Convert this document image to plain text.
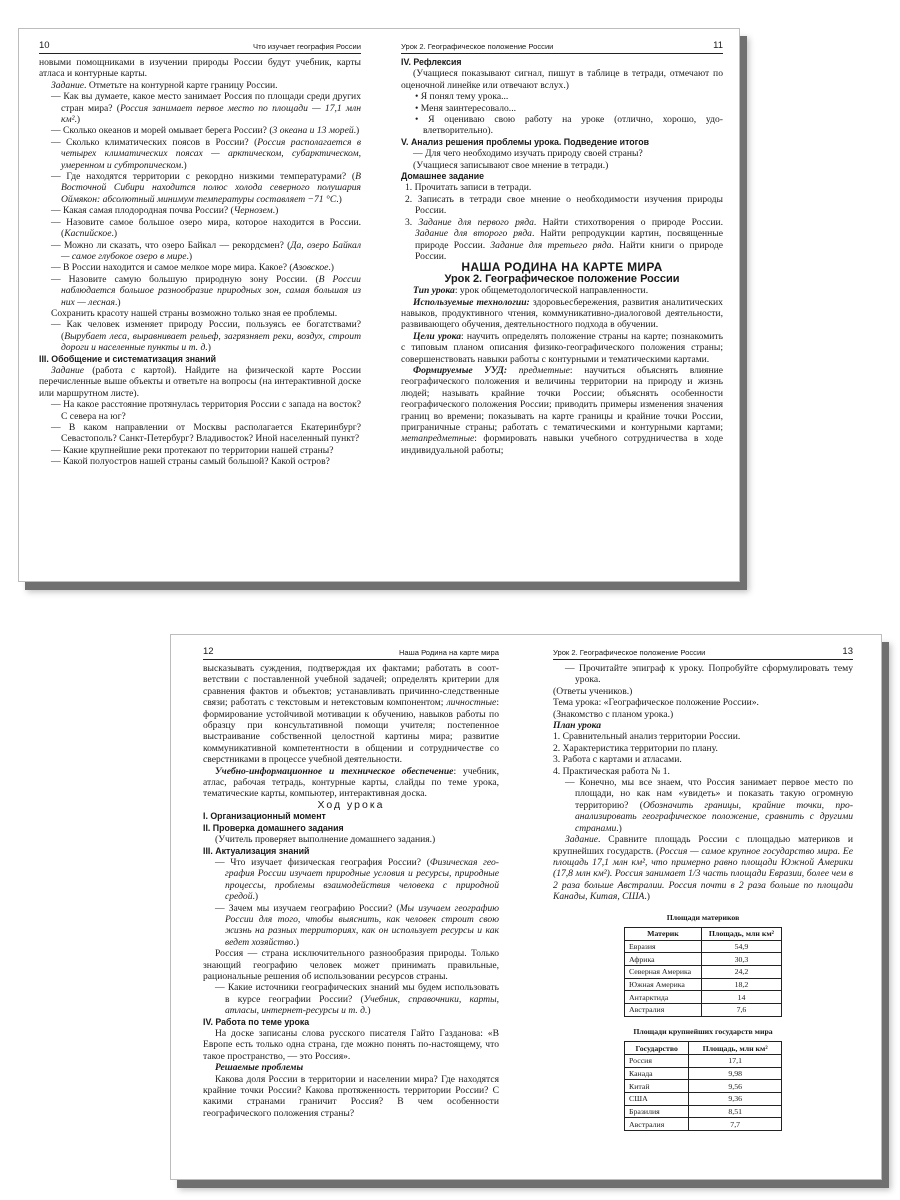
10	Что изучает география России

новыми помощниками в изучении природы России будут учебник, карты атласа и контурные карты.

Задание. Отметьте на контурной карте границу России.

— Как вы думаете, какое место занимает Россия по площади среди других стран мира? (Россия занимает первое место по площади — 17,1 млн км².)

— Сколько океанов и морей омывает берега России? (3 океана и 13 морей.)

— Сколько климатических поясов в России? (Россия располагается в четырех климатических поясах — арктическом, субарктическом, умеренном и субтропическом.)

— Где находятся территории с рекордно низкими температурами? (В Восточной Сибири находится полюс холода северного полушария Оймякон: абсолютный минимум температуры составляет −71 °С.)

— Какая самая плодородная почва России? (Чернозем.)

— Назовите самое большое озеро мира, которое находится в России. (Каспийское.)

— Можно ли сказать, что озеро Байкал — рекордсмен? (Да, озеро Байкал — самое глубокое озеро в мире.)

— В России находится и самое мелкое море мира. Какое? (Азовское.)

— Назовите самую большую природную зону России. (В России наблюдается большое разнообразие природных зон, самая большая из них — лесная.)

Сохранить красоту нашей страны возможно только зная ее проблемы.

— Как человек изменяет природу России, пользуясь ее богатствами? (Вырубает леса, выравнивает рельеф, загрязняет реки, воздух, строит дороги и населенные пункты и т. д.)

III. Обобщение и систематизация знаний

Задание (работа с картой). Найдите на физической карте России перечисленные выше объекты и ответьте на вопросы (на интерактивной доске или маршрутном листе).

— На какое расстояние протянулась территория России с запада на восток? С севера на юг?

— В каком направлении от Москвы располагается Екатеринбург? Севастополь? Санкт-Петербург? Владивосток? Иной населенный пункт?

— Какие крупнейшие реки протекают по территории нашей страны?

— Какой полуостров нашей страны самый большой? Какой остров?

Урок 2. Географическое положение России	11

IV. Рефлексия

(Учащиеся показывают сигнал, пишут в таблице в тетради, отмечают по оценочной линейке или отвечают вслух.)

• Я понял тему урока...

• Меня заинтересовало...

• Я оцениваю свою работу на уроке (отлично, хорошо, удовлетворительно).

V. Анализ решения проблемы урока. Подведение итогов

— Для чего необходимо изучать природу своей страны?

(Учащиеся записывают свое мнение в тетради.)

Домашнее задание

1. Прочитать записи в тетради.

2. Записать в тетради свое мнение о необходимости изучения природы России.

3. Задание для первого ряда. Найти стихотворения о природе России. Задание для второго ряда. Найти репродукции картин, посвященные природе России. Задание для третьего ряда. Найти книги о природе России.

НАША РОДИНА НА КАРТЕ МИРА

Урок 2. Географическое положение России

Тип урока: урок общеметодологической направленности.

Используемые технологии: здоровьесбережения, развития аналитических навыков, продуктивного чтения, коммуникативно-диалоговой деятельности, развивающего обучения, деятельностного подхода в обучении.

Цели урока: научить определять положение страны на карте; познакомить с типовым планом описания физико-географического положения страны; совершенствовать навыки работы с контурными и тематическими картами.

Формируемые УУД: предметные: научиться объяснять влияние географического положения и величины территории на природу и жизнь людей; называть крайние точки России; объяснять особенности географического положения России; приводить примеры изменения значения границ во времени; показывать на карте границы и крайние точки России, приграничные страны; работать с тематическими и контурными картами; метапредметные: формировать навыки учебного сотрудничества в ходе индивидуальной работы;

12	Наша Родина на карте мира

высказывать суждения, подтверждая их фактами; работать в соответствии с поставленной учебной задачей; определять критерии для сравнения фактов и объектов; устанавливать причинно-следственные связи; работать с текстовым и нетекстовым компонентом; личностные: формирование устойчивой мотивации к обучению, навыков работы по образцу при консультативной помощи учителя; постепенное выстраивание собственной целостной картины мира; развитие коммуникативной компетентности в общении и сотрудничестве со сверстниками в процессе учебной деятельности.

Учебно-информационное и техническое обеспечение: учебник, атлас, рабочая тетрадь, контурные карты, слайды по теме урока, тематические карты, компьютер, интерактивная доска.

Ход урока

I. Организационный момент

II. Проверка домашнего задания

(Учитель проверяет выполнение домашнего задания.)

III. Актуализация знаний

— Что изучает физическая география России? (Физическая география России изучает природные условия и ресурсы, природные процессы, проблемы взаимодействия человека с природной средой.)

— Зачем мы изучаем географию России? (Мы изучаем географию России для того, чтобы выяснить, как человек строит свою жизнь на разных территориях, как он использует ресурсы и как ведет хозяйство.)

Россия — страна исключительного разнообразия природы. Только знающий географию человек может принимать правильные, рациональные решения об использовании ресурсов страны.

— Какие источники географических знаний мы будем использовать в курсе географии России? (Учебник, справочники, карты, атласы, интернет-ресурсы и т. д.)

IV. Работа по теме урока

На доске записаны слова русского писателя Гайто Газданова: «В Европе есть только одна страна, где можно понять по-настоящему, что такое пространство, — это Россия».

Решаемые проблемы

Какова доля России в территории и населении мира? Где находятся крайние точки России? Какова протяженность территории России? С какими странами граничит Россия? В чем особенности географического положения страны?

Урок 2. Географическое положение России	13

— Прочитайте эпиграф к уроку. Попробуйте сформулировать тему урока.

(Ответы учеников.)

Тема урока: «Географическое положение России».

(Знакомство с планом урока.)

План урока

1. Сравнительный анализ территории России.

2. Характеристика территории по плану.

3. Работа с картами и атласами.

4. Практическая работа № 1.

— Конечно, мы все знаем, что Россия занимает первое место по площади, но как нам «увидеть» и показать такую огромную территорию? (Обозначить границы, крайние точки, проанализировать географическое положение, сравнить с другими странами.)

Задание. Сравните площадь России с площадью материков и крупнейших государств. (Россия — самое крупное государство мира. Ее площадь 17,1 млн км², что примерно равно площади Южной Америки (17,8 млн км²). Россия занимает 1/3 часть площади Евразии, более чем в 2 раза больше Австралии. Россия почти в 2 раза больше по площади Канады, Китая, США.)

Площади материков
Материк	Площадь, млн км²
Евразия	54,9
Африка	30,3
Северная Америка	24,2
Южная Америка	18,2
Антарктида	14
Австралия	7,6
Площади крупнейших государств мира
Государство	Площадь, млн км²
Россия	17,1
Канада	9,98
Китай	9,56
США	9,36
Бразилия	8,51
Австралия	7,7
